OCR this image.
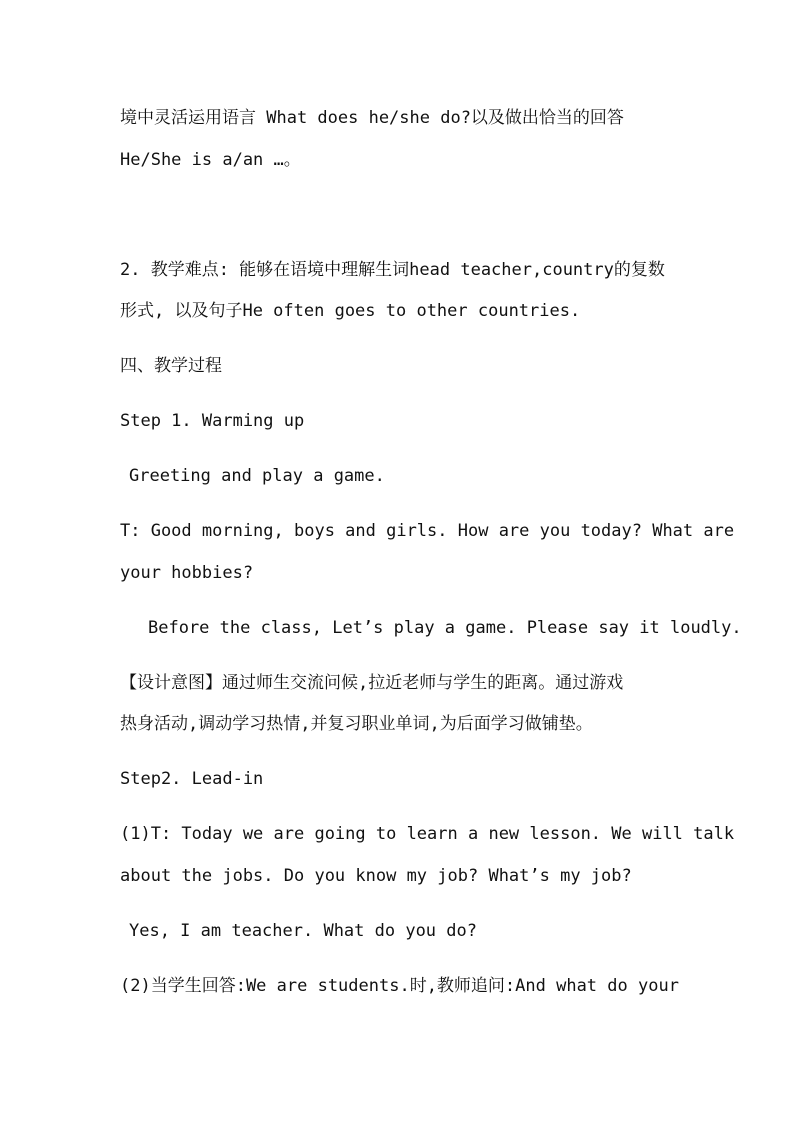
境中灵活运用语言 What does he/she do?以及做出恰当的回答
He/She is a/an …。
2. 教学难点: 能够在语境中理解生词head teacher,country的复数
形式, 以及句子He often goes to other countries.
四、教学过程
Step 1. Warming up
Greeting and play a game.
T: Good morning, boys and girls. How are you today? What are
your hobbies?
Before the class, Let’s play a game. Please say it loudly.
【设计意图】通过师生交流问候,拉近老师与学生的距离。通过游戏
热身活动,调动学习热情,并复习职业单词,为后面学习做铺垫。
Step2. Lead-in
(1)T: Today we are going to learn a new lesson. We will talk
about the jobs. Do you know my job? What’s my job?
Yes, I am teacher. What do you do?
(2)当学生回答:We are students.时,教师追问:And what do your
